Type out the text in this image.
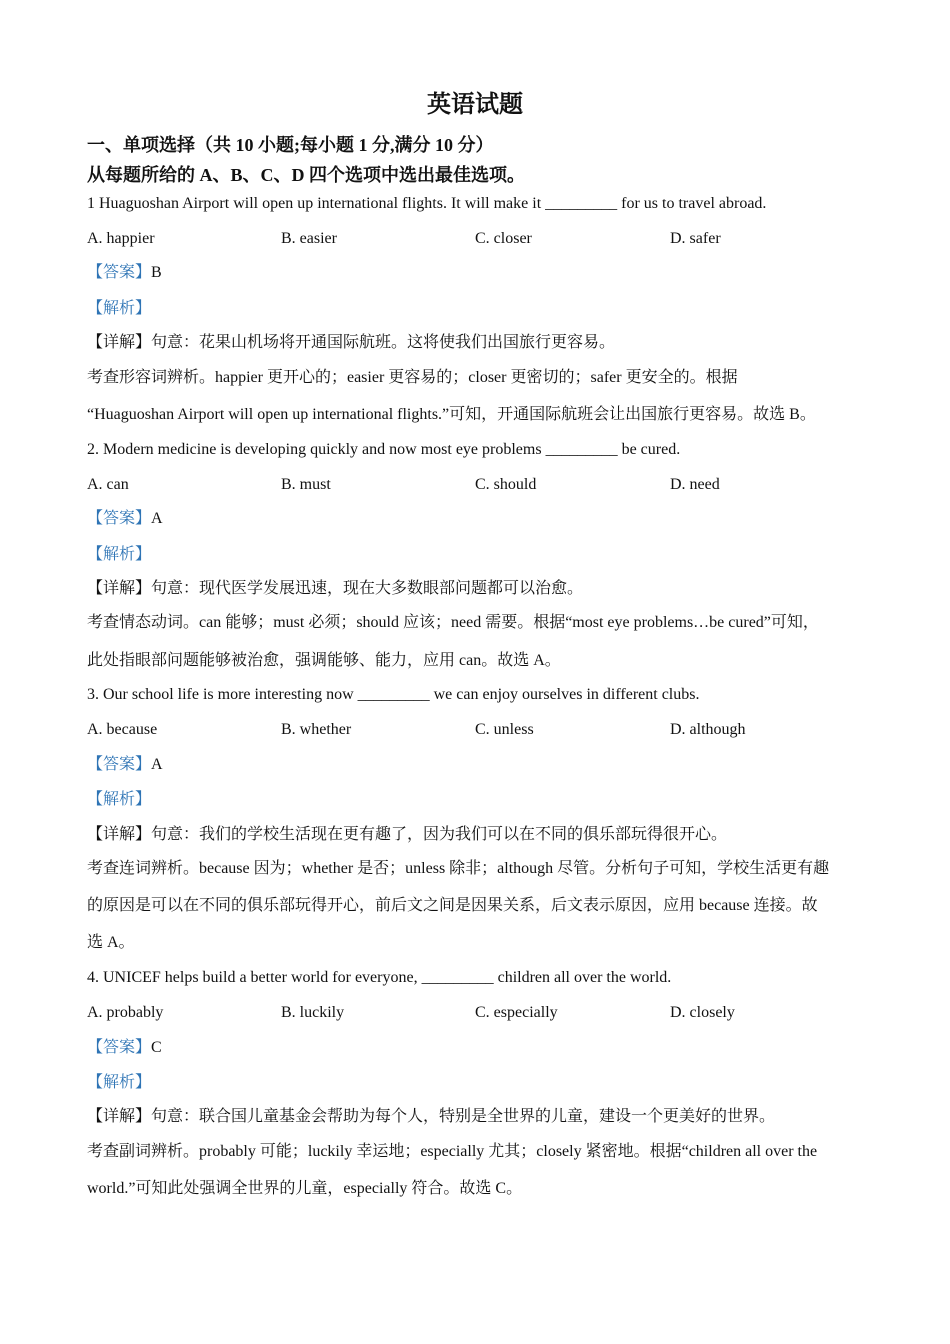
英语试题
一、单项选择（共 10 小题;每小题 1 分,满分 10 分）
从每题所给的 A、B、C、D 四个选项中选出最佳选项。
1 Huaguoshan Airport will open up international flights. It will make it _________ for us to travel abroad.
A. happier	B. easier	C. closer	D. safer
【答案】B
【解析】
【详解】句意：花果山机场将开通国际航班。这将使我们出国旅行更容易。
考查形容词辨析。happier 更开心的；easier 更容易的；closer 更密切的；safer 更安全的。根据
“Huaguoshan Airport will open up international flights.”可知，开通国际航班会让出国旅行更容易。故选 B。
2. Modern medicine is developing quickly and now most eye problems _________ be cured.
A. can	B. must	C. should	D. need
【答案】A
【解析】
【详解】句意：现代医学发展迅速，现在大多数眼部问题都可以治愈。
考查情态动词。can 能够；must 必须；should 应该；need 需要。根据“most eye problems…be cured”可知，
此处指眼部问题能够被治愈，强调能够、能力，应用 can。故选 A。
3. Our school life is more interesting now _________ we can enjoy ourselves in different clubs.
A. because	B. whether	C. unless	D. although
【答案】A
【解析】
【详解】句意：我们的学校生活现在更有趣了，因为我们可以在不同的俱乐部玩得很开心。
考查连词辨析。because 因为；whether 是否；unless 除非；although 尽管。分析句子可知，学校生活更有趣
的原因是可以在不同的俱乐部玩得开心，前后文之间是因果关系，后文表示原因，应用 because 连接。故
选 A。
4. UNICEF helps build a better world for everyone, _________ children all over the world.
A. probably	B. luckily	C. especially	D. closely
【答案】C
【解析】
【详解】句意：联合国儿童基金会帮助为每个人，特别是全世界的儿童，建设一个更美好的世界。
考查副词辨析。probably 可能；luckily 幸运地；especially 尤其；closely 紧密地。根据“children all over the
world.”可知此处强调全世界的儿童，especially 符合。故选 C。
